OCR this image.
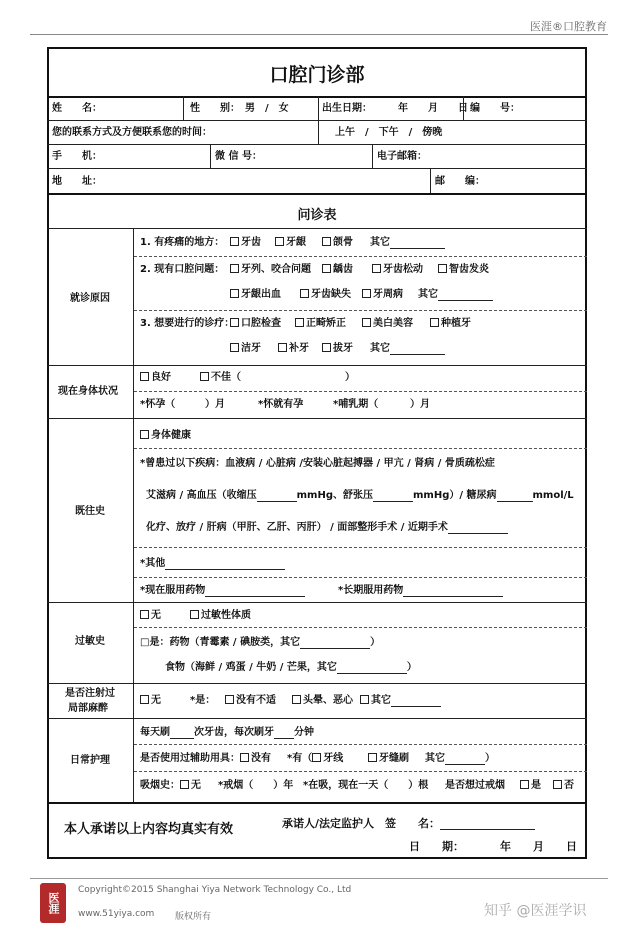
医涯®口腔教育
口腔门诊部
姓　　名：	性　　别：　男　/　女	出生日期：	年　　月　　日 编　　号：
您的联系方式及方便联系您的时间：	上午　/　下午　/　傍晚
手　　机：	微 信 号：	电子邮箱：
地　　址：	邮　　编：
问诊表
就诊原因
1. 有疼痛的地方：	牙齿	牙龈	颌骨 其它
2. 现有口腔问题：	牙列、咬合问题	龋齿	牙齿松动	智齿发炎
牙龈出血	牙齿缺失	牙周病 其它
3. 想要进行的诊疗： 口腔检查	正畸矫正	美白美容	种植牙
洁牙	补牙	拔牙 其它
现在身体状况
良好	不佳（	）
*怀孕（	）月	*怀就有孕	*哺乳期（	）月
既往史
身体健康
*曾患过以下疾病：血液病 / 心脏病 /安装心脏起搏器 / 甲亢 / 肾病 / 骨质疏松症
艾滋病 / 高血压（收缩压	mmHg、舒张压	mmHg）/ 糖尿病	mmol/L
化疗、放疗 / 肝病（甲肝、乙肝、丙肝） / 面部整形手术 / 近期手术
*其他
*现在服用药物	*长期服用药物
过敏史
无	过敏性体质
□是：药物（青霉素 / 碘胺类，其它	）
食物（海鲜 / 鸡蛋 / 牛奶 / 芒果，其它	）
是否注射过
局部麻醉
无	*是：	没有不适	头晕、恶心	其它
日常护理
每天刷 次牙齿，每次刷牙 分钟
是否使用过辅助用具： 没有 *有（ 牙线	牙缝刷 其它	）
吸烟史： 无 *戒烟（　　）年 *在吸，现在一天（　　）根 是否想过戒烟	是	否
本人承诺以上内容均真实有效	承诺人/法定监护人　签　　名：
日　　期：	年　　月　　日
医涯
Copyright©2015 Shanghai Yiya Network Technology Co., Ltd
www.51yiya.com 版权所有	知乎 @医涯学识
